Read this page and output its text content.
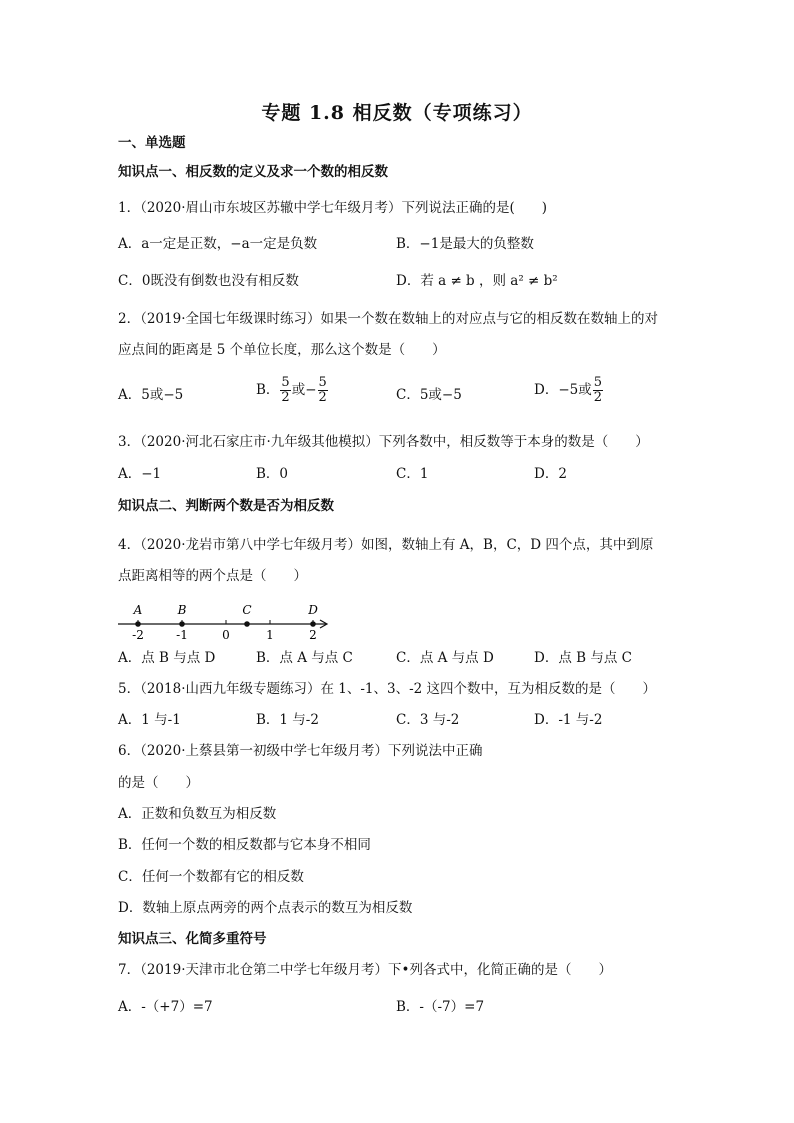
专题 1.8 相反数（专项练习）
一、单选题
知识点一、相反数的定义及求一个数的相反数
1．（2020·眉山市东坡区苏辙中学七年级月考）下列说法正确的是(　　)
A．a一定是正数，−a一定是负数	B．−1是最大的负整数
C．0既没有倒数也没有相反数	D．若 a ≠ b ，则 a² ≠ b²
2．（2019·全国七年级课时练习）如果一个数在数轴上的对应点与它的相反数在数轴上的对
应点间的距离是 5 个单位长度，那么这个数是（　　）
A．5或−5	B． $\frac{5}{2}$ 或− $\frac{5}{2}$	C．5或−5	D．−5或 $\frac{5}{2}$
3．（2020·河北石家庄市·九年级其他模拟）下列各数中，相反数等于本身的数是（　　）
A．−1	B．0	C．1	D．2
知识点二、判断两个数是否为相反数
4．（2020·龙岩市第八中学七年级月考）如图，数轴上有 A，B，C，D 四个点，其中到原
点距离相等的两个点是（　　）
-2	-1	0	1	2
A	B	C	D
A．点 B 与点 D	B．点 A 与点 C	C．点 A 与点 D	D．点 B 与点 C
5．（2018·山西九年级专题练习）在 1、-1、3、-2 这四个数中，互为相反数的是（　　）
A．1 与-1	B．1 与-2	C．3 与-2	D．-1 与-2
6．（2020·上蔡县第一初级中学七年级月考）下列说法中正确
的是（　　）
A．正数和负数互为相反数
B．任何一个数的相反数都与它本身不相同
C．任何一个数都有它的相反数
D．数轴上原点两旁的两个点表示的数互为相反数
知识点三、化简多重符号
7．（2019·天津市北仓第二中学七年级月考）下•列各式中，化简正确的是（　　）
A．-（+7）=7	B．-（-7）=7
